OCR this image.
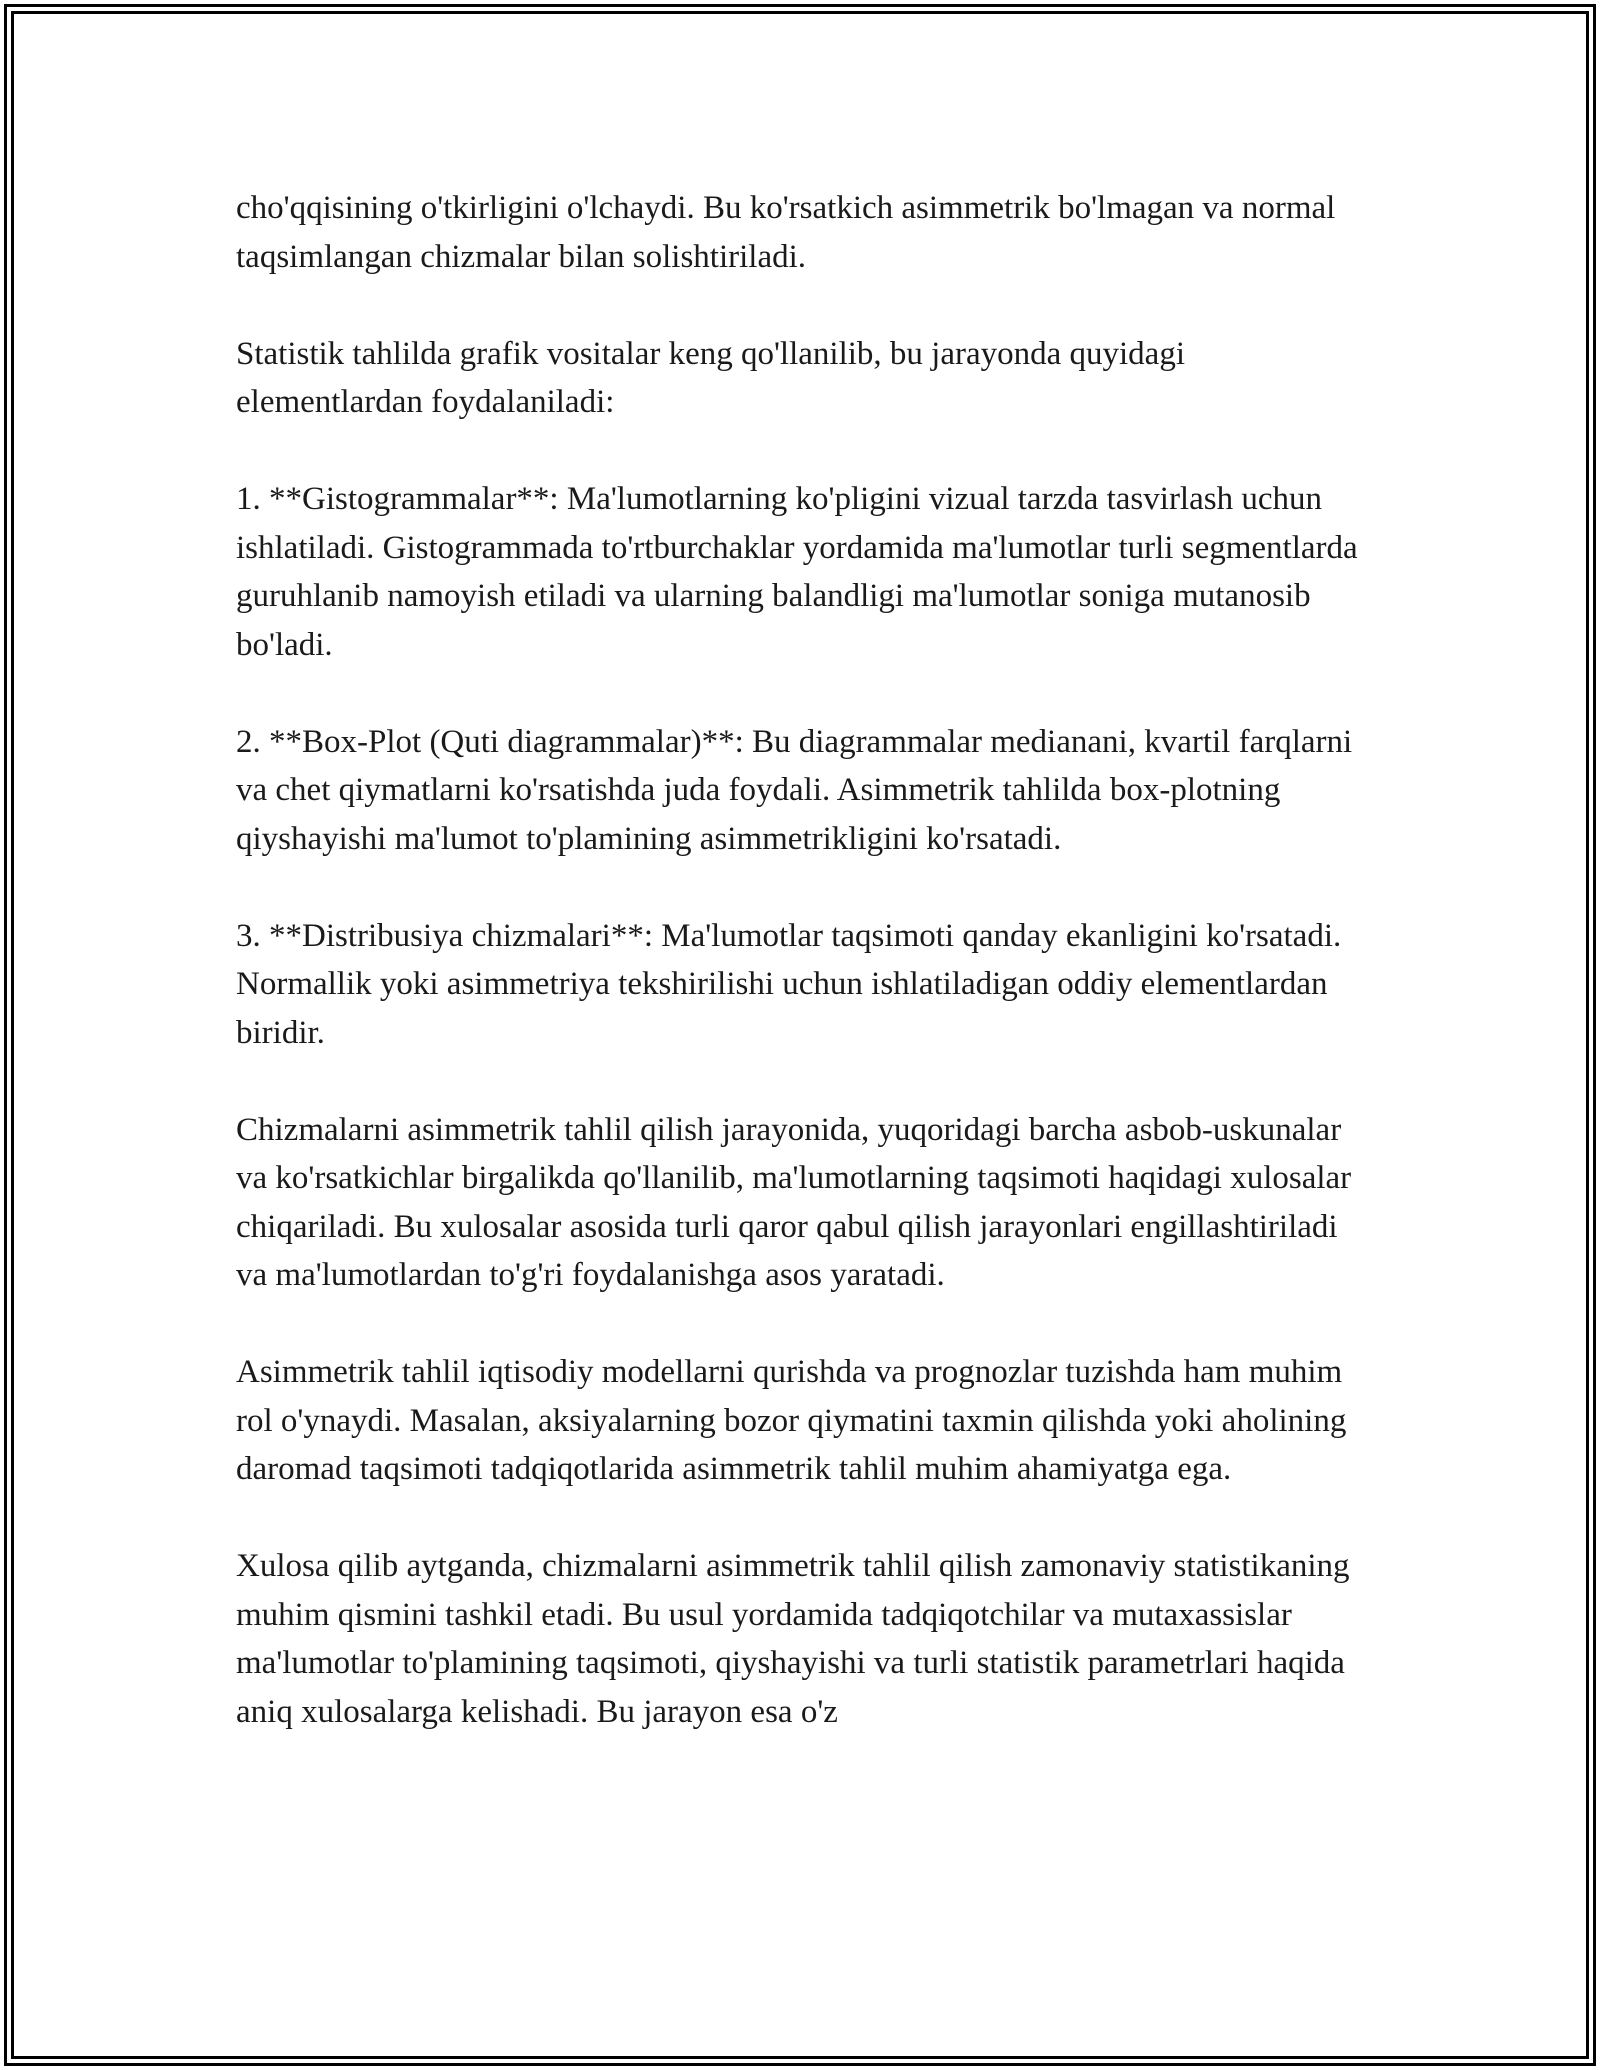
cho'qqisining o'tkirligini o'lchaydi. Bu ko'rsatkich asimmetrik bo'lmagan va normal taqsimlangan chizmalar bilan solishtiriladi.

Statistik tahlilda grafik vositalar keng qo'llanilib, bu jarayonda quyidagi elementlardan foydalaniladi:

1. **Gistogrammalar**: Ma'lumotlarning ko'pligini vizual tarzda tasvirlash uchun ishlatiladi. Gistogrammada to'rtburchaklar yordamida ma'lumotlar turli segmentlarda guruhlanib namoyish etiladi va ularning balandligi ma'lumotlar soniga mutanosib bo'ladi.

2. **Box-Plot (Quti diagrammalar)**: Bu diagrammalar medianani, kvartil farqlarni va chet qiymatlarni ko'rsatishda juda foydali. Asimmetrik tahlilda box-plotning qiyshayishi ma'lumot to'plamining asimmetrikligini ko'rsatadi.

3. **Distribusiya chizmalari**: Ma'lumotlar taqsimoti qanday ekanligini ko'rsatadi. Normallik yoki asimmetriya tekshirilishi uchun ishlatiladigan oddiy elementlardan biridir.

Chizmalarni asimmetrik tahlil qilish jarayonida, yuqoridagi barcha asbob-uskunalar va ko'rsatkichlar birgalikda qo'llanilib, ma'lumotlarning taqsimoti haqidagi xulosalar chiqariladi. Bu xulosalar asosida turli qaror qabul qilish jarayonlari engillashtiriladi va ma'lumotlardan to'g'ri foydalanishga asos yaratadi.

Asimmetrik tahlil iqtisodiy modellarni qurishda va prognozlar tuzishda ham muhim rol o'ynaydi. Masalan, aksiyalarning bozor qiymatini taxmin qilishda yoki aholining daromad taqsimoti tadqiqotlarida asimmetrik tahlil muhim ahamiyatga ega.

Xulosa qilib aytganda, chizmalarni asimmetrik tahlil qilish zamonaviy statistikaning muhim qismini tashkil etadi. Bu usul yordamida tadqiqotchilar va mutaxassislar ma'lumotlar to'plamining taqsimoti, qiyshayishi va turli statistik parametrlari haqida aniq xulosalarga kelishadi. Bu jarayon esa o'z
